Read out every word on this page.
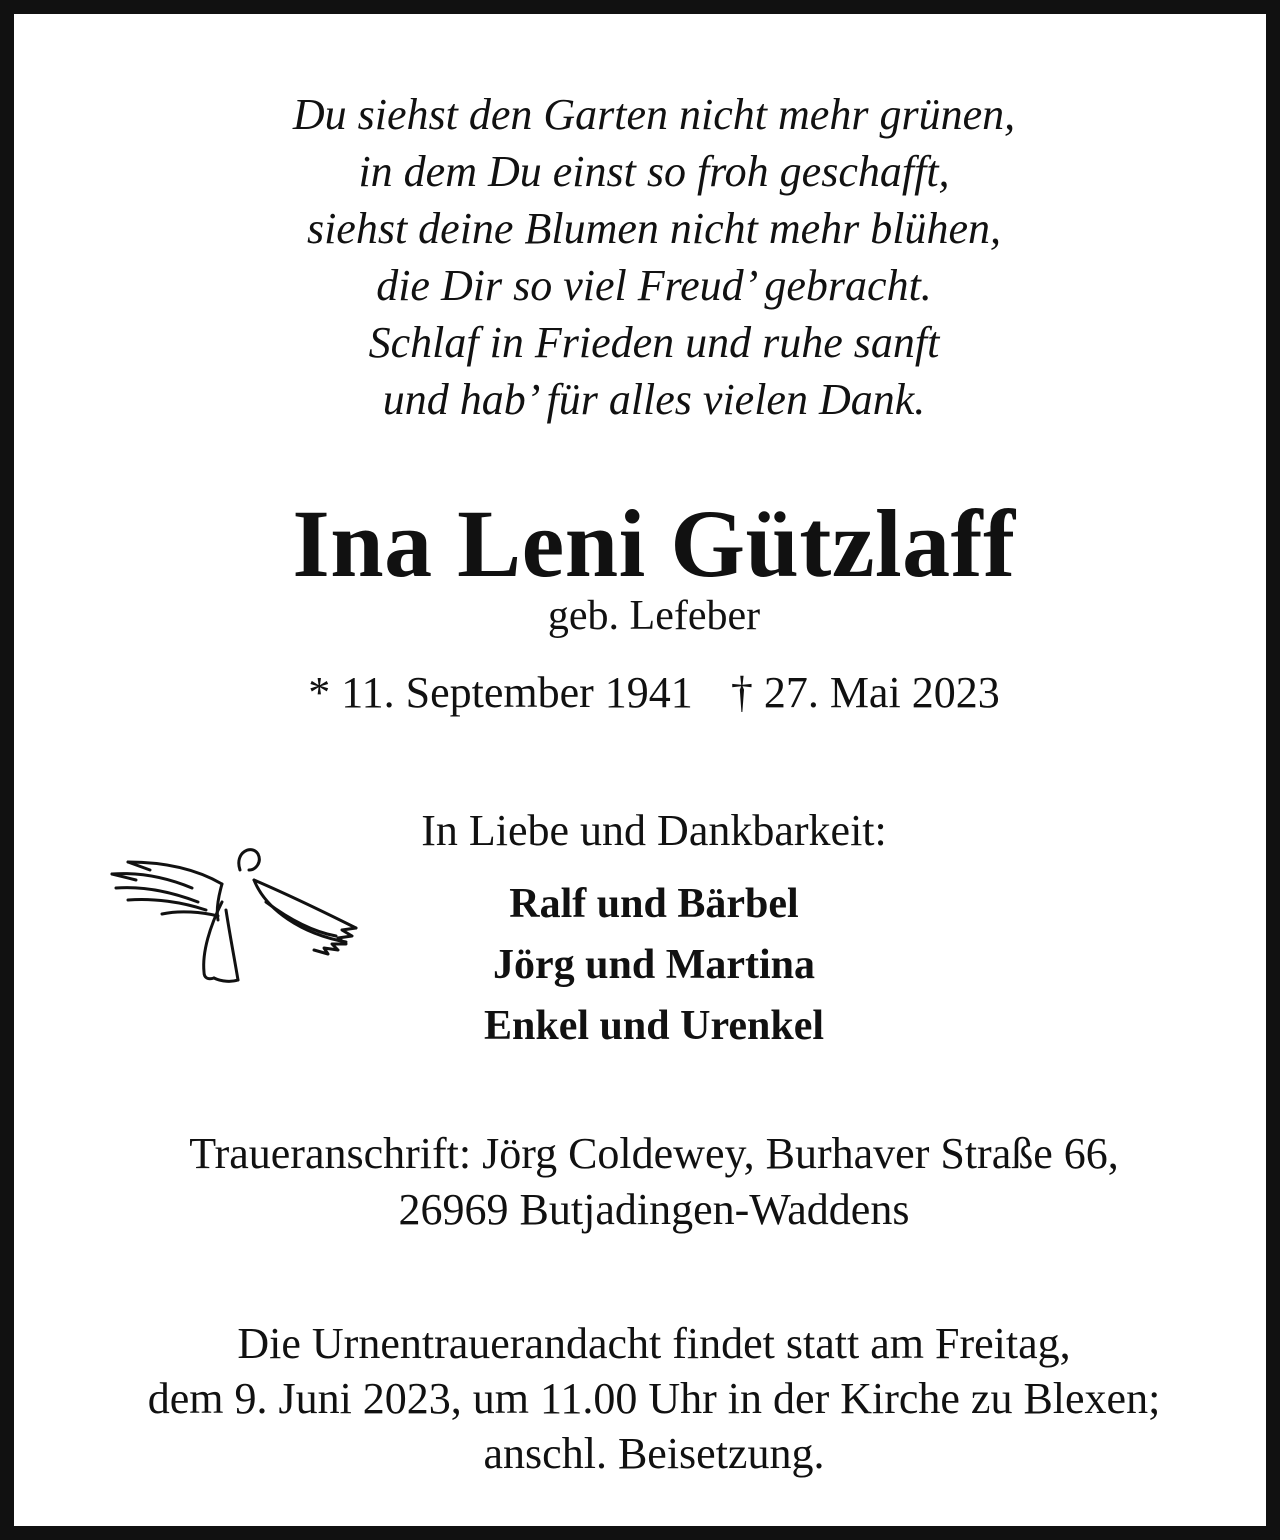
Du siehst den Garten nicht mehr grünen,
in dem Du einst so froh geschafft,
siehst deine Blumen nicht mehr blühen,
die Dir so viel Freud’ gebracht.
Schlaf in Frieden und ruhe sanft
und hab’ für alles vielen Dank.
Ina Leni Gützlaff
geb. Lefeber
* 11. September 1941 † 27. Mai 2023
In Liebe und Dankbarkeit:
Ralf und Bärbel
Jörg und Martina
Enkel und Urenkel
Traueranschrift: Jörg Coldewey, Burhaver Straße 66,
26969 Butjadingen-Waddens
Die Urnentrauerandacht findet statt am Freitag,
dem 9. Juni 2023, um 11.00 Uhr in der Kirche zu Blexen;
anschl. Beisetzung.
